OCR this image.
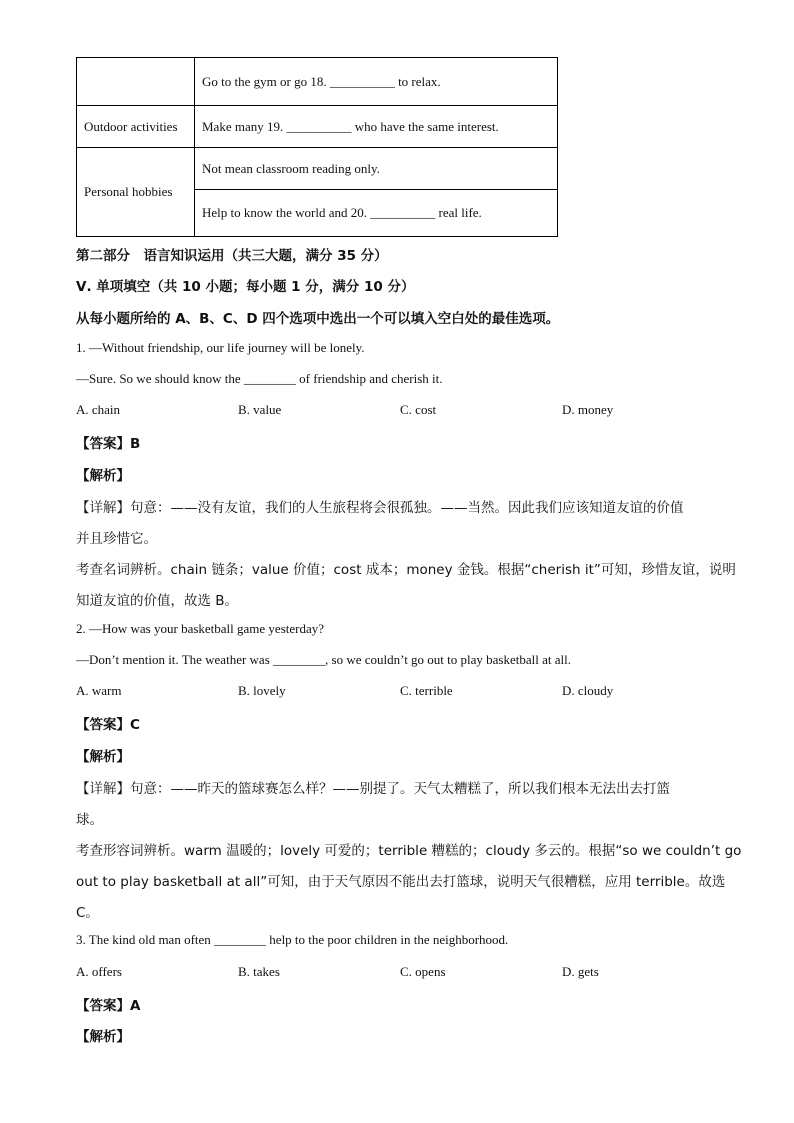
	Go to the gym or go 18. __________ to relax.
Outdoor activities	Make many 19. __________ who have the same interest.
Personal hobbies	Not mean classroom reading only.
	Help to know the world and 20. __________ real life.
第二部分　语言知识运用（共三大题，满分 35 分）
Ⅴ. 单项填空（共 10 小题；每小题 1 分，满分 10 分）
从每小题所给的 A、B、C、D 四个选项中选出一个可以填入空白处的最佳选项。
1. —Without friendship, our life journey will be lonely.
—Sure. So we should know the ________ of friendship and cherish it.
A. chain	B. value	C. cost	D. money
【答案】B
【解析】
【详解】句意：——没有友谊，我们的人生旅程将会很孤独。——当然。因此我们应该知道友谊的价值
并且珍惜它。
考查名词辨析。chain 链条；value 价值；cost 成本；money 金钱。根据“cherish it”可知，珍惜友谊，说明
知道友谊的价值，故选 B。
2. —How was your basketball game yesterday?
—Don’t mention it. The weather was ________, so we couldn’t go out to play basketball at all.
A. warm	B. lovely	C. terrible	D. cloudy
【答案】C
【解析】
【详解】句意：——昨天的篮球赛怎么样？——别提了。天气太糟糕了，所以我们根本无法出去打篮
球。
考查形容词辨析。warm 温暖的；lovely 可爱的；terrible 糟糕的；cloudy 多云的。根据“so we couldn’t go
out to play basketball at all”可知，由于天气原因不能出去打篮球，说明天气很糟糕，应用 terrible。故选
C。
3. The kind old man often ________ help to the poor children in the neighborhood.
A. offers	B. takes	C. opens	D. gets
【答案】A
【解析】
